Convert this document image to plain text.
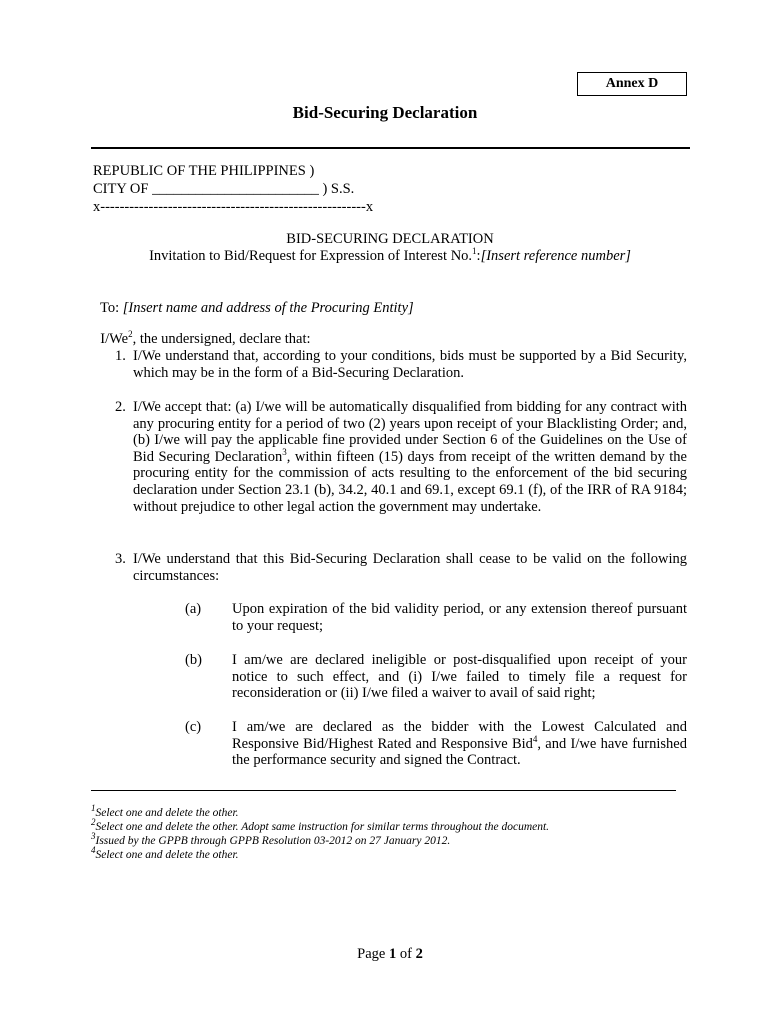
Annex D
Bid-Securing Declaration
REPUBLIC OF THE PHILIPPINES )
CITY OF _______________________ ) S.S.
x-------------------------------------------------------x
BID-SECURING DECLARATION
Invitation to Bid/Request for Expression of Interest No.$^1$:[Insert reference number]

To: [Insert name and address of the Procuring Entity]

I/We$^2$, the undersigned, declare that:

1. I/We understand that, according to your conditions, bids must be supported by a Bid Security, which may be in the form of a Bid-Securing Declaration.
2. I/We accept that: (a) I/we will be automatically disqualified from bidding for any contract with any procuring entity for a period of two (2) years upon receipt of your Blacklisting Order; and, (b) I/we will pay the applicable fine provided under Section 6 of the Guidelines on the Use of Bid Securing Declaration$^3$, within fifteen (15) days from receipt of the written demand by the procuring entity for the commission of acts resulting to the enforcement of the bid securing declaration under Section 23.1 (b), 34.2, 40.1 and 69.1, except 69.1 (f), of the IRR of RA 9184; without prejudice to other legal action the government may undertake.
3. I/We understand that this Bid-Securing Declaration shall cease to be valid on the following circumstances:
(a) Upon expiration of the bid validity period, or any extension thereof pursuant to your request;
(b) I am/we are declared ineligible or post-disqualified upon receipt of your notice to such effect, and (i) I/we failed to timely file a request for reconsideration or (ii) I/we filed a waiver to avail of said right;
(c) I am/we are declared as the bidder with the Lowest Calculated and Responsive Bid/Highest Rated and Responsive Bid$^4$, and I/we have furnished the performance security and signed the Contract.
$^1$Select one and delete the other.
$^2$Select one and delete the other. Adopt same instruction for similar terms throughout the document.
$^3$Issued by the GPPB through GPPB Resolution 03-2012 on 27 January 2012.
$^4$Select one and delete the other.
Page 1 of 2
